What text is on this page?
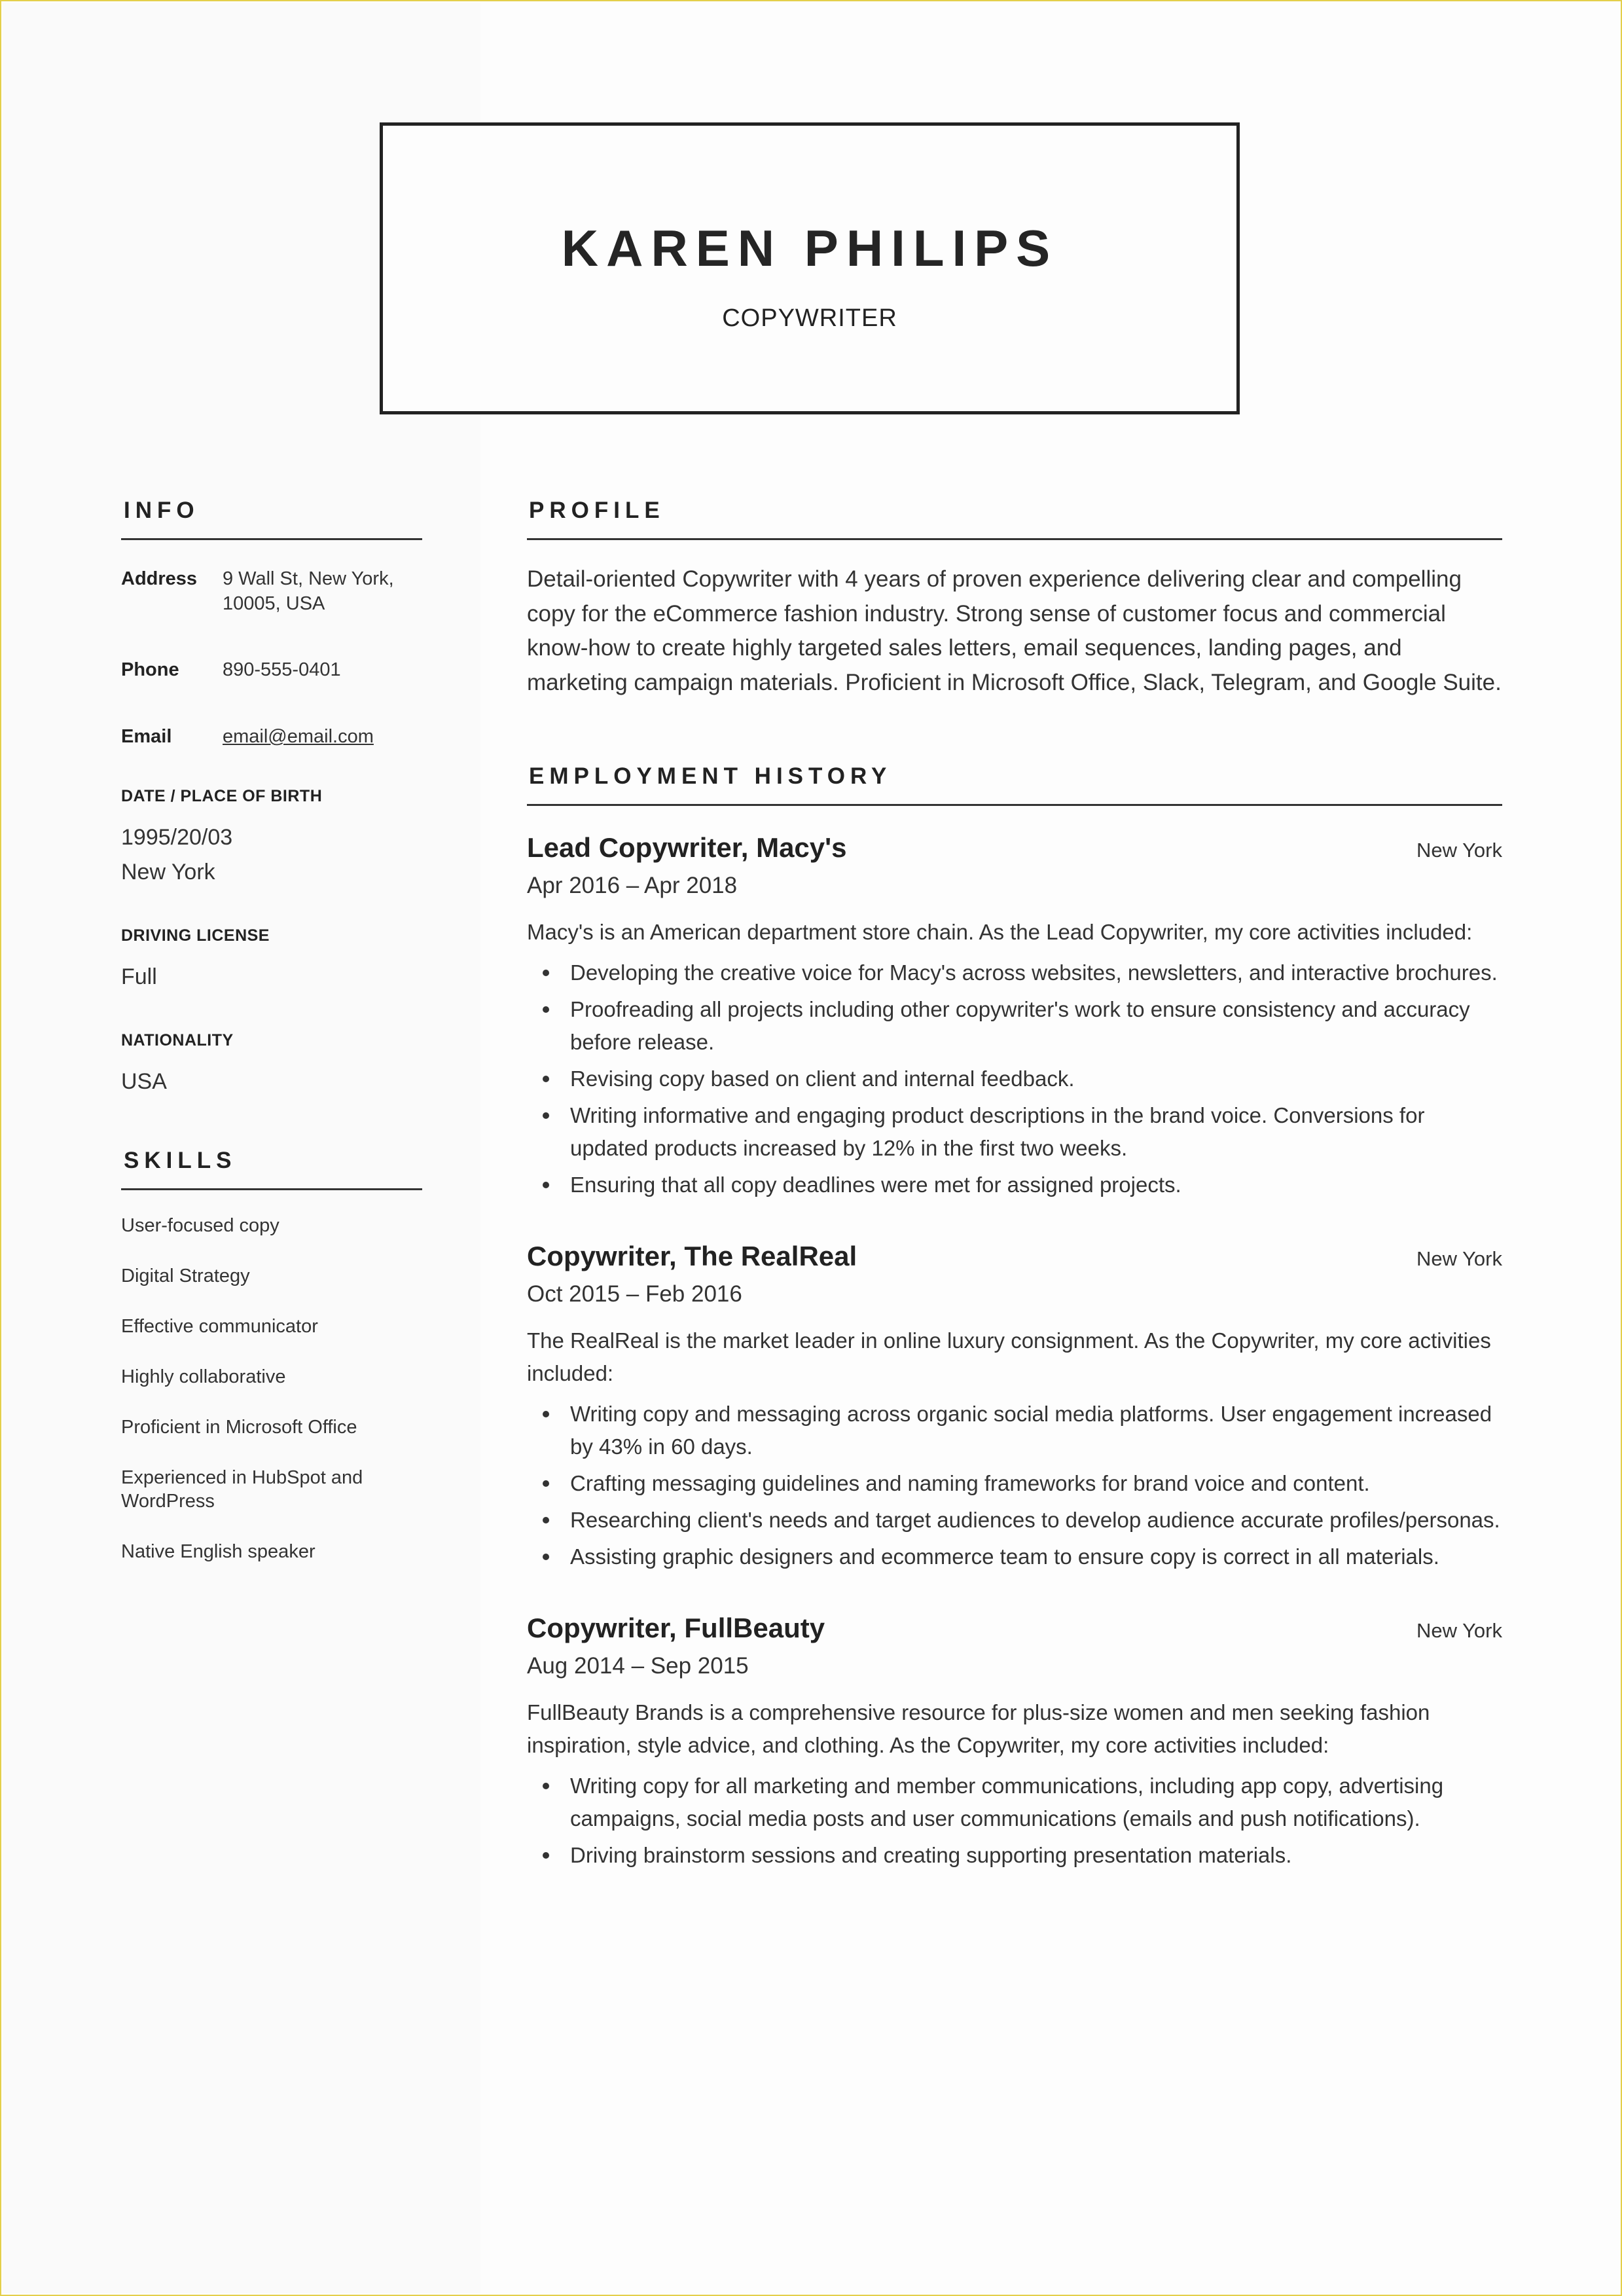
KAREN PHILIPS
COPYWRITER
INFO
Address	9 Wall St, New York,
10005, USA
Phone	890-555-0401
Email	email@email.com
DATE / PLACE OF BIRTH
1995/20/03
New York
DRIVING LICENSE
Full
NATIONALITY
USA
SKILLS
User-focused copy
Digital Strategy
Effective communicator
Highly collaborative
Proficient in Microsoft Office
Experienced in HubSpot and WordPress
Native English speaker
PROFILE
Detail-oriented Copywriter with 4 years of proven experience delivering clear and compelling copy for the eCommerce fashion industry. Strong sense of customer focus and commercial know-how to create highly targeted sales letters, email sequences, landing pages, and marketing campaign materials. Proficient in Microsoft Office, Slack, Telegram, and Google Suite.
EMPLOYMENT HISTORY
Lead Copywriter, Macy's	New York
Apr 2016 – Apr 2018
Macy's is an American department store chain. As the Lead Copywriter, my core activities included:
Developing the creative voice for Macy's across websites, newsletters, and interactive brochures.
Proofreading all projects including other copywriter's work to ensure consistency and accuracy before release.
Revising copy based on client and internal feedback.
Writing informative and engaging product descriptions in the brand voice. Conversions for updated products increased by 12% in the first two weeks.
Ensuring that all copy deadlines were met for assigned projects.
Copywriter, The RealReal	New York
Oct 2015 – Feb 2016
The RealReal is the market leader in online luxury consignment. As the Copywriter, my core activities included:
Writing copy and messaging across organic social media platforms. User engagement increased by 43% in 60 days.
Crafting messaging guidelines and naming frameworks for brand voice and content.
Researching client's needs and target audiences to develop audience accurate profiles/personas.
Assisting graphic designers and ecommerce team to ensure copy is correct in all materials.
Copywriter, FullBeauty	New York
Aug 2014 – Sep 2015
FullBeauty Brands is a comprehensive resource for plus-size women and men seeking fashion inspiration, style advice, and clothing. As the Copywriter, my core activities included:
Writing copy for all marketing and member communications, including app copy, advertising campaigns, social media posts and user communications (emails and push notifications).
Driving brainstorm sessions and creating supporting presentation materials.
